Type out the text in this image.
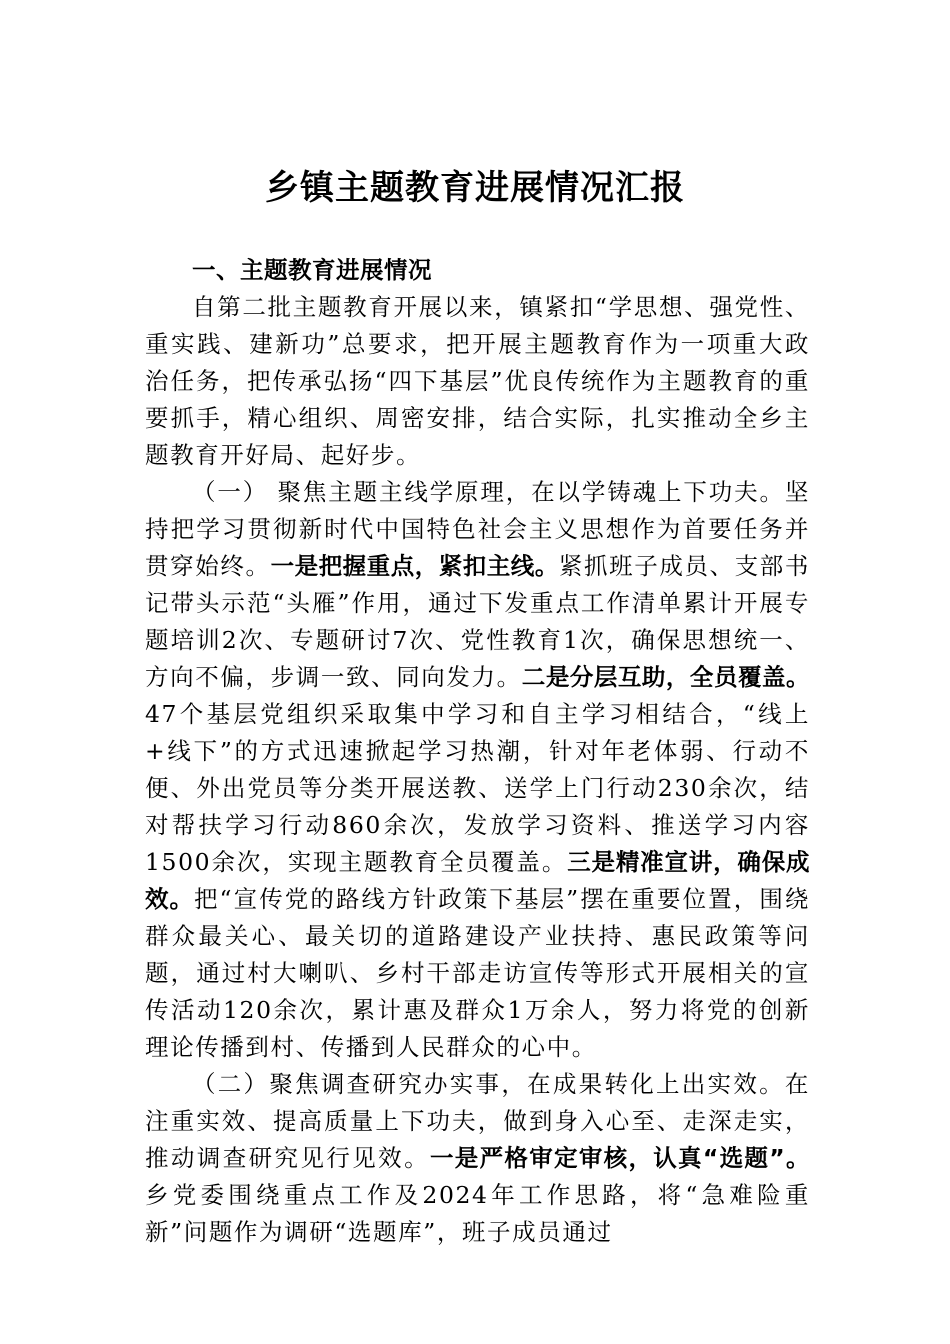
乡镇主题教育进展情况汇报

一、主题教育进展情况

自第二批主题教育开展以来，镇紧扣“学思想、强党性、重实践、建新功”总要求，把开展主题教育作为一项重大政治任务，把传承弘扬“四下基层”优良传统作为主题教育的重要抓手，精心组织、周密安排，结合实际，扎实推动全乡主题教育开好局、起好步。

（一） 聚焦主题主线学原理，在以学铸魂上下功夫。坚持把学习贯彻新时代中国特色社会主义思想作为首要任务并贯穿始终。一是把握重点，紧扣主线。紧抓班子成员、支部书记带头示范“头雁”作用，通过下发重点工作清单累计开展专题培训2次、专题研讨7次、党性教育1次，确保思想统一、方向不偏，步调一致、同向发力。二是分层互助，全员覆盖。47个基层党组织采取集中学习和自主学习相结合，“线上+线下”的方式迅速掀起学习热潮，针对年老体弱、行动不便、外出党员等分类开展送教、送学上门行动230余次，结对帮扶学习行动860余次，发放学习资料、推送学习内容1500余次，实现主题教育全员覆盖。三是精准宣讲，确保成效。把“宣传党的路线方针政策下基层”摆在重要位置，围绕群众最关心、最关切的道路建设产业扶持、惠民政策等问题，通过村大喇叭、乡村干部走访宣传等形式开展相关的宣传活动120余次，累计惠及群众1万余人，努力将党的创新理论传播到村、传播到人民群众的心中。

（二）聚焦调查研究办实事，在成果转化上出实效。在注重实效、提高质量上下功夫，做到身入心至、走深走实，推动调查研究见行见效。一是严格审定审核，认真“选题”。乡党委围绕重点工作及2024年工作思路，将“急难险重新”问题作为调研“选题库”，班子成员通过
